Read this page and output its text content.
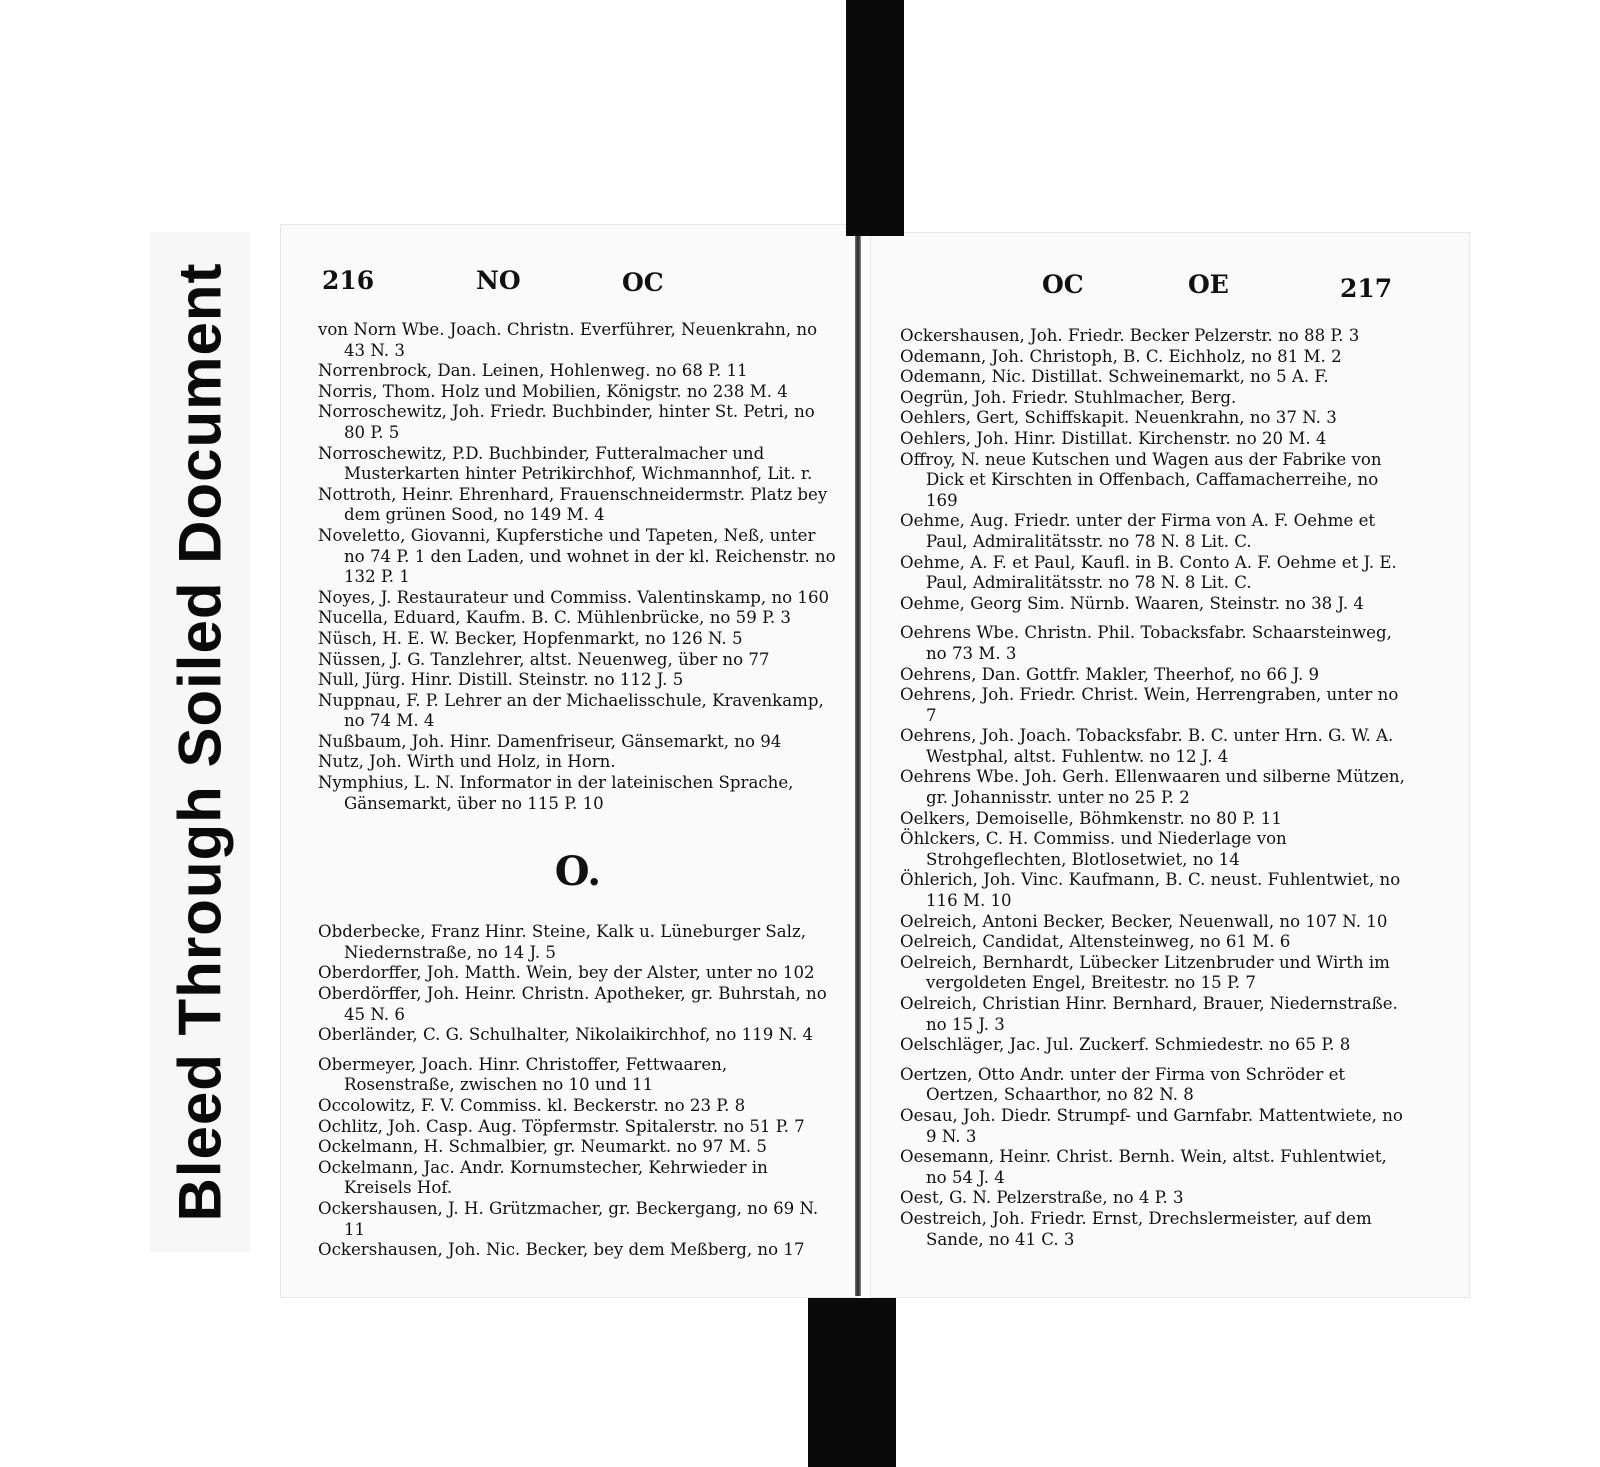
Bleed Through Soiled Document	216	NO	OC	OC	OE	217
von Norn Wbe. Joach. Christn. Everführer, Neuenkrahn, no 43 N. 3
Norrenbrock, Dan. Leinen, Hohlenweg. no 68 P. 11
Norris, Thom. Holz und Mobilien, Königstr. no 238 M. 4
Norroschewitz, Joh. Friedr. Buchbinder, hinter St. Petri, no 80 P. 5
Norroschewitz, P.D. Buchbinder, Futteralmacher und Musterkarten hinter Petrikirchhof, Wichmannhof, Lit. r.
Nottroth, Heinr. Ehrenhard, Frauenschneidermstr. Platz bey dem grünen Sood, no 149 M. 4
Noveletto, Giovanni, Kupferstiche und Tapeten, Neß, unter no 74 P. 1 den Laden, und wohnet in der kl. Reichenstr. no 132 P. 1
Noyes, J. Restaurateur und Commiss. Valentinskamp, no 160
Nucella, Eduard, Kaufm. B. C. Mühlenbrücke, no 59 P. 3
Nüsch, H. E. W. Becker, Hopfenmarkt, no 126 N. 5
Nüssen, J. G. Tanzlehrer, altst. Neuenweg, über no 77
Null, Jürg. Hinr. Distill. Steinstr. no 112 J. 5
Nuppnau, F. P. Lehrer an der Michaelisschule, Kravenkamp, no 74 M. 4
Nußbaum, Joh. Hinr. Damenfriseur, Gänsemarkt, no 94
Nutz, Joh. Wirth und Holz, in Horn.
Nymphius, L. N. Informator in der lateinischen Sprache, Gänsemarkt, über no 115 P. 10
O.
Obderbecke, Franz Hinr. Steine, Kalk u. Lüneburger Salz, Niedernstraße, no 14 J. 5
Oberdorffer, Joh. Matth. Wein, bey der Alster, unter no 102
Oberdörffer, Joh. Heinr. Christn. Apotheker, gr. Buhrstah, no 45 N. 6
Oberländer, C. G. Schulhalter, Nikolaikirchhof, no 119 N. 4
Obermeyer, Joach. Hinr. Christoffer, Fettwaaren, Rosenstraße, zwischen no 10 und 11
Occolowitz, F. V. Commiss. kl. Beckerstr. no 23 P. 8
Ochlitz, Joh. Casp. Aug. Töpfermstr. Spitalerstr. no 51 P. 7
Ockelmann, H. Schmalbier, gr. Neumarkt. no 97 M. 5
Ockelmann, Jac. Andr. Kornumstecher, Kehrwieder in Kreisels Hof.
Ockershausen, J. H. Grützmacher, gr. Beckergang, no 69 N. 11
Ockershausen, Joh. Nic. Becker, bey dem Meßberg, no 17
Ockershausen, Joh. Friedr. Becker Pelzerstr. no 88 P. 3
Odemann, Joh. Christoph, B. C. Eichholz, no 81 M. 2
Odemann, Nic. Distillat. Schweinemarkt, no 5 A. F.
Oegrün, Joh. Friedr. Stuhlmacher, Berg.
Oehlers, Gert, Schiffskapit. Neuenkrahn, no 37 N. 3
Oehlers, Joh. Hinr. Distillat. Kirchenstr. no 20 M. 4
Offroy, N. neue Kutschen und Wagen aus der Fabrike von Dick et Kirschten in Offenbach, Caffamacherreihe, no 169
Oehme, Aug. Friedr. unter der Firma von A. F. Oehme et Paul, Admiralitätsstr. no 78 N. 8 Lit. C.
Oehme, A. F. et Paul, Kaufl. in B. Conto A. F. Oehme et J. E. Paul, Admiralitätsstr. no 78 N. 8 Lit. C.
Oehme, Georg Sim. Nürnb. Waaren, Steinstr. no 38 J. 4
Oehrens Wbe. Christn. Phil. Tobacksfabr. Schaarsteinweg, no 73 M. 3
Oehrens, Dan. Gottfr. Makler, Theerhof, no 66 J. 9
Oehrens, Joh. Friedr. Christ. Wein, Herrengraben, unter no 7
Oehrens, Joh. Joach. Tobacksfabr. B. C. unter Hrn. G. W. A. Westphal, altst. Fuhlentw. no 12 J. 4
Oehrens Wbe. Joh. Gerh. Ellenwaaren und silberne Mützen, gr. Johannisstr. unter no 25 P. 2
Oelkers, Demoiselle, Böhmkenstr. no 80 P. 11
Öhlckers, C. H. Commiss. und Niederlage von Strohgeflechten, Blotlosetwiet, no 14
Öhlerich, Joh. Vinc. Kaufmann, B. C. neust. Fuhlentwiet, no 116 M. 10
Oelreich, Antoni Becker, Becker, Neuenwall, no 107 N. 10
Oelreich, Candidat, Altensteinweg, no 61 M. 6
Oelreich, Bernhardt, Lübecker Litzenbruder und Wirth im vergoldeten Engel, Breitestr. no 15 P. 7
Oelreich, Christian Hinr. Bernhard, Brauer, Niedernstraße. no 15 J. 3
Oelschläger, Jac. Jul. Zuckerf. Schmiedestr. no 65 P. 8
Oertzen, Otto Andr. unter der Firma von Schröder et Oertzen, Schaarthor, no 82 N. 8
Oesau, Joh. Diedr. Strumpf- und Garnfabr. Mattentwiete, no 9 N. 3
Oesemann, Heinr. Christ. Bernh. Wein, altst. Fuhlentwiet, no 54 J. 4
Oest, G. N. Pelzerstraße, no 4 P. 3
Oestreich, Joh. Friedr. Ernst, Drechslermeister, auf dem Sande, no 41 C. 3
